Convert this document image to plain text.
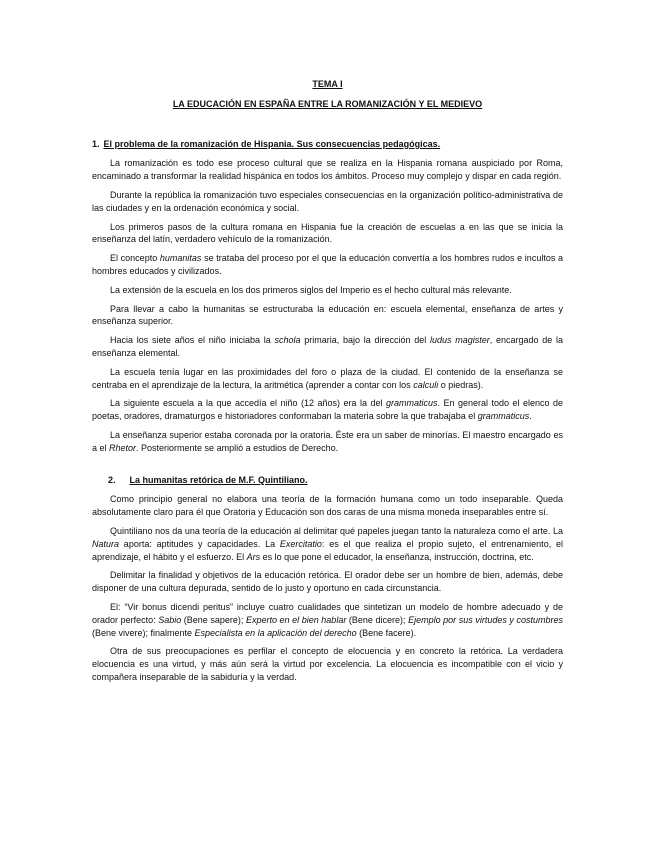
TEMA I
LA EDUCACIÓN EN ESPAÑA ENTRE LA ROMANIZACIÓN Y EL MEDIEVO
1. El problema de la romanización de Hispania. Sus consecuencias pedagógicas.

La romanización es todo ese proceso cultural que se realiza en la Hispania romana auspiciado por Roma, encaminado a transformar la realidad hispánica en todos los ámbitos. Proceso muy complejo y dispar en cada región.

Durante la república la romanización tuvo especiales consecuencias en la organización político-administrativa de las ciudades y en la ordenación económica y social.

Los primeros pasos de la cultura romana en Hispania fue la creación de escuelas a en las que se inicia la enseñanza del latín, verdadero vehículo de la romanización.

El concepto humanitas se trataba del proceso por el que la educación convertía a los hombres rudos e incultos a hombres educados y civilizados.

La extensión de la escuela en los dos primeros siglos del Imperio es el hecho cultural más relevante.

Para llevar a cabo la humanitas se estructuraba la educación en: escuela elemental, enseñanza de artes y enseñanza superior.

Hacia los siete años el niño iniciaba la schola primaria, bajo la dirección del ludus magister, encargado de la enseñanza elemental.

La escuela tenía lugar en las proximidades del foro o plaza de la ciudad. El contenido de la enseñanza se centraba en el aprendizaje de la lectura, la aritmética (aprender a contar con los calculi o piedras).

La siguiente escuela a la que accedía el niño (12 años) era la del grammaticus. En general todo el elenco de poetas, oradores, dramaturgos e historiadores conformaban la materia sobre la que trabajaba el grammaticus.

La enseñanza superior estaba coronada por la oratoria. Éste era un saber de minorías. El maestro encargado es a el Rhetor. Posteriormente se amplió a estudios de Derecho.

2. La humanitas retórica de M.F. Quintiliano.

Como principio general no elabora una teoría de la formación humana como un todo inseparable. Queda absolutamente claro para él que Oratoria y Educación son dos caras de una misma moneda inseparables entre sí.

Quintiliano nos da una teoría de la educación al delimitar qué papeles juegan tanto la naturaleza como el arte. La Natura aporta: aptitudes y capacidades. La Exercitatio: es el que realiza el propio sujeto, el entrenamiento, el aprendizaje, el hábito y el esfuerzo. El Ars es lo que pone el educador, la enseñanza, instrucción, doctrina, etc.

Delimitar la finalidad y objetivos de la educación retórica. El orador debe ser un hombre de bien, además, debe disponer de una cultura depurada, sentido de lo justo y oportuno en cada circunstancia.

El: “Vir bonus dicendi peritus” incluye cuatro cualidades que sintetizan un modelo de hombre adecuado y de orador perfecto: Sabio (Bene sapere); Experto en el bien hablar (Bene dicere); Ejemplo por sus virtudes y costumbres (Bene vivere); finalmente Especialista en la aplicación del derecho (Bene facere).

Otra de sus preocupaciones es perfilar el concepto de elocuencia y en concreto la retórica. La verdadera elocuencia es una virtud, y más aún será la virtud por excelencia. La elocuencia es incompatible con el vicio y compañera inseparable de la sabiduría y la verdad.
